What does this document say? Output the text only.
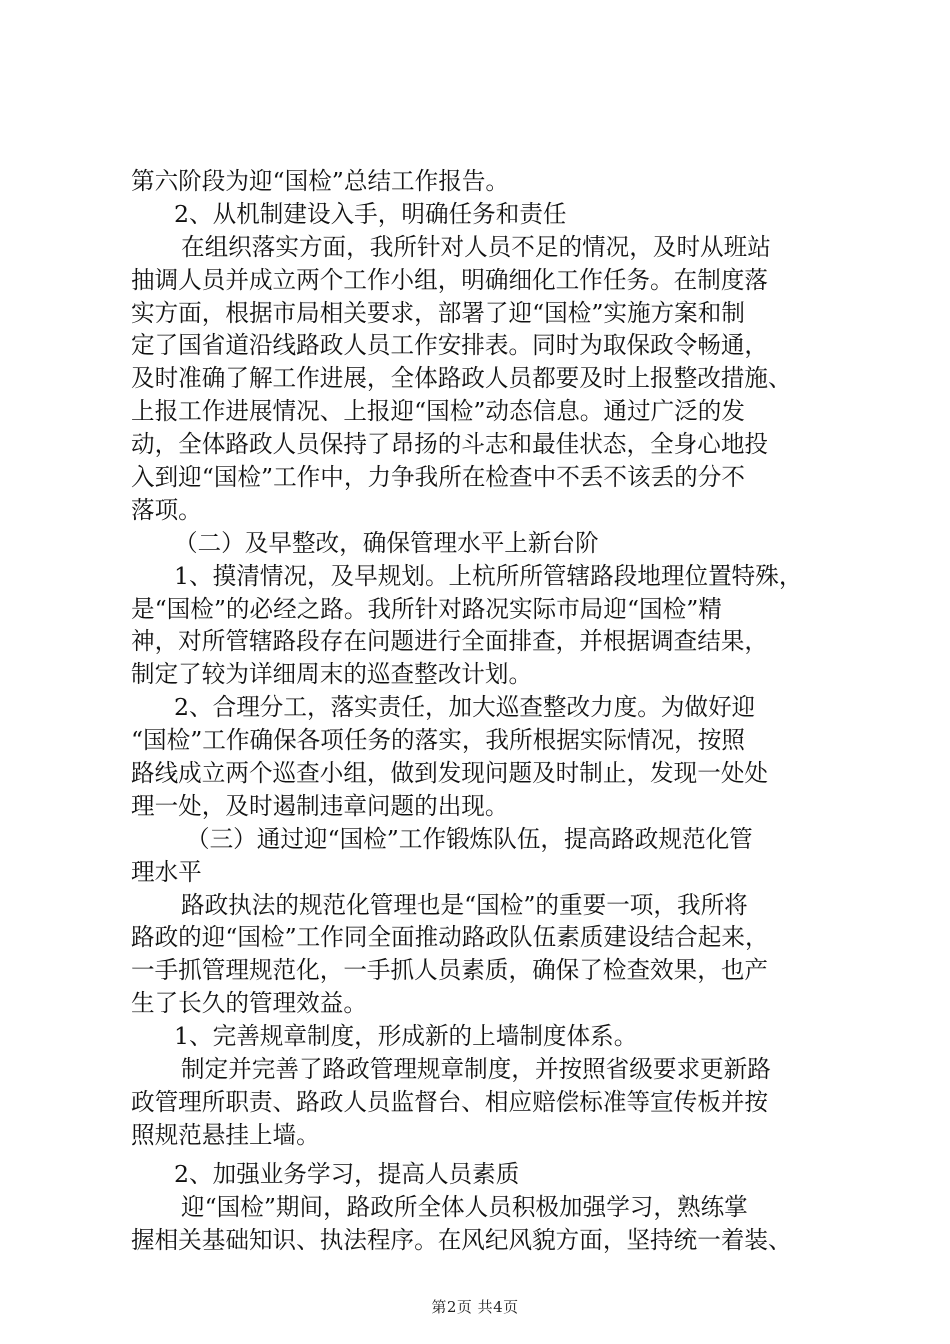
第六阶段为迎“国检”总结工作报告。
2、从机制建设入手，明确任务和责任
在组织落实方面，我所针对人员不足的情况，及时从班站
抽调人员并成立两个工作小组，明确细化工作任务。在制度落
实方面，根据市局相关要求，部署了迎“国检”实施方案和制
定了国省道沿线路政人员工作安排表。同时为取保政令畅通，
及时准确了解工作进展，全体路政人员都要及时上报整改措施、
上报工作进展情况、上报迎“国检”动态信息。通过广泛的发
动，全体路政人员保持了昂扬的斗志和最佳状态，全身心地投
入到迎“国检”工作中，力争我所在检查中不丢不该丢的分不
落项。
（二）及早整改，确保管理水平上新台阶
1、摸清情况，及早规划。上杭所所管辖路段地理位置特殊，
是“国检”的必经之路。我所针对路况实际市局迎“国检”精
神，对所管辖路段存在问题进行全面排查，并根据调查结果，
制定了较为详细周末的巡查整改计划。
2、合理分工，落实责任，加大巡查整改力度。为做好迎
“国检”工作确保各项任务的落实，我所根据实际情况，按照
路线成立两个巡查小组，做到发现问题及时制止，发现一处处
理一处，及时遏制违章问题的出现。
（三）通过迎“国检”工作锻炼队伍，提高路政规范化管
理水平
路政执法的规范化管理也是“国检”的重要一项，我所将
路政的迎“国检”工作同全面推动路政队伍素质建设结合起来，
一手抓管理规范化，一手抓人员素质，确保了检查效果，也产
生了长久的管理效益。
1、完善规章制度，形成新的上墙制度体系。
制定并完善了路政管理规章制度，并按照省级要求更新路
政管理所职责、路政人员监督台、相应赔偿标准等宣传板并按
照规范悬挂上墙。
2、加强业务学习，提高人员素质
迎“国检”期间，路政所全体人员积极加强学习，熟练掌
握相关基础知识、执法程序。在风纪风貌方面，坚持统一着装、
第2页 共4页
